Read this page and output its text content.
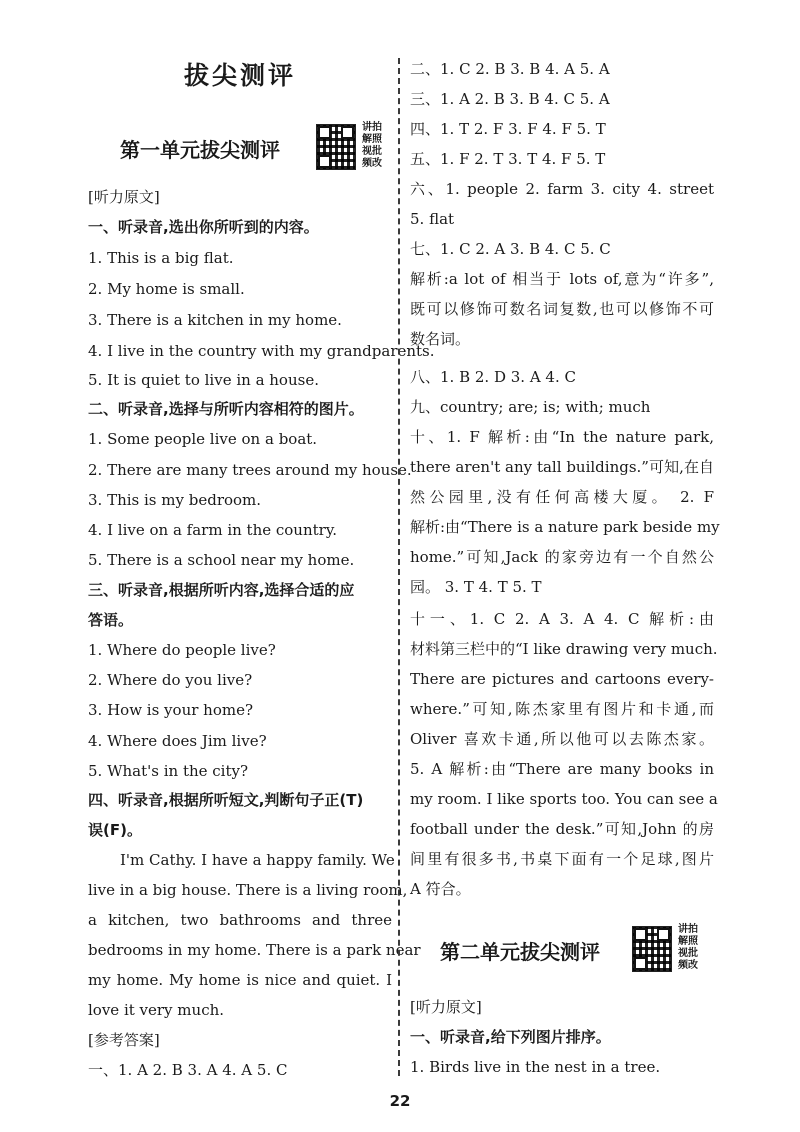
拔尖测评
第一单元拔尖测评
讲拍
解照
视批
频改
[听力原文]
一、听录音,选出你所听到的内容。
1. This is a big flat.
2. My home is small.
3. There is a kitchen in my home.
4. I live in the country with my grandparents.
5. It is quiet to live in a house.
二、听录音,选择与所听内容相符的图片。
1. Some people live on a boat.
2. There are many trees around my house.
3. This is my bedroom.
4. I live on a farm in the country.
5. There is a school near my home.
三、听录音,根据所听内容,选择合适的应
答语。
1. Where do people live?
2. Where do you live?
3. How is your home?
4. Where does Jim live?
5. What's in the city?
四、听录音,根据所听短文,判断句子正(T)
误(F)。
I'm Cathy. I have a happy family. We
live in a big house. There is a living room,
a kitchen, two bathrooms and three
bedrooms in my home. There is a park near
my home. My home is nice and quiet. I
love it very much.
[参考答案]
一、1. A 2. B 3. A 4. A 5. C
二、1. C 2. B 3. B 4. A 5. A
三、1. A 2. B 3. B 4. C 5. A
四、1. T 2. F 3. F 4. F 5. T
五、1. F 2. T 3. T 4. F 5. T
六、1. people 2. farm 3. city 4. street
5. flat
七、1. C 2. A 3. B 4. C 5. C
解析:a lot of 相当于 lots of,意为“许多”,
既可以修饰可数名词复数,也可以修饰不可
数名词。
八、1. B 2. D 3. A 4. C
九、country; are; is; with; much
十、1. F 解析:由“In the nature park,
there aren't any tall buildings.”可知,在自
然公园里,没有任何高楼大厦。 2. F
解析:由“There is a nature park beside my
home.”可知,Jack 的家旁边有一个自然公
园。 3. T 4. T 5. T
十一、1. C 2. A 3. A 4. C 解析:由
材料第三栏中的“I like drawing very much.
There are pictures and cartoons every-
where.”可知,陈杰家里有图片和卡通,而
Oliver 喜欢卡通,所以他可以去陈杰家。
5. A 解析:由“There are many books in
my room. I like sports too. You can see a
football under the desk.”可知,John 的房
间里有很多书,书桌下面有一个足球,图片
A 符合。
第二单元拔尖测评
讲拍
解照
视批
频改
[听力原文]
一、听录音,给下列图片排序。
1. Birds live in the nest in a tree.
22
